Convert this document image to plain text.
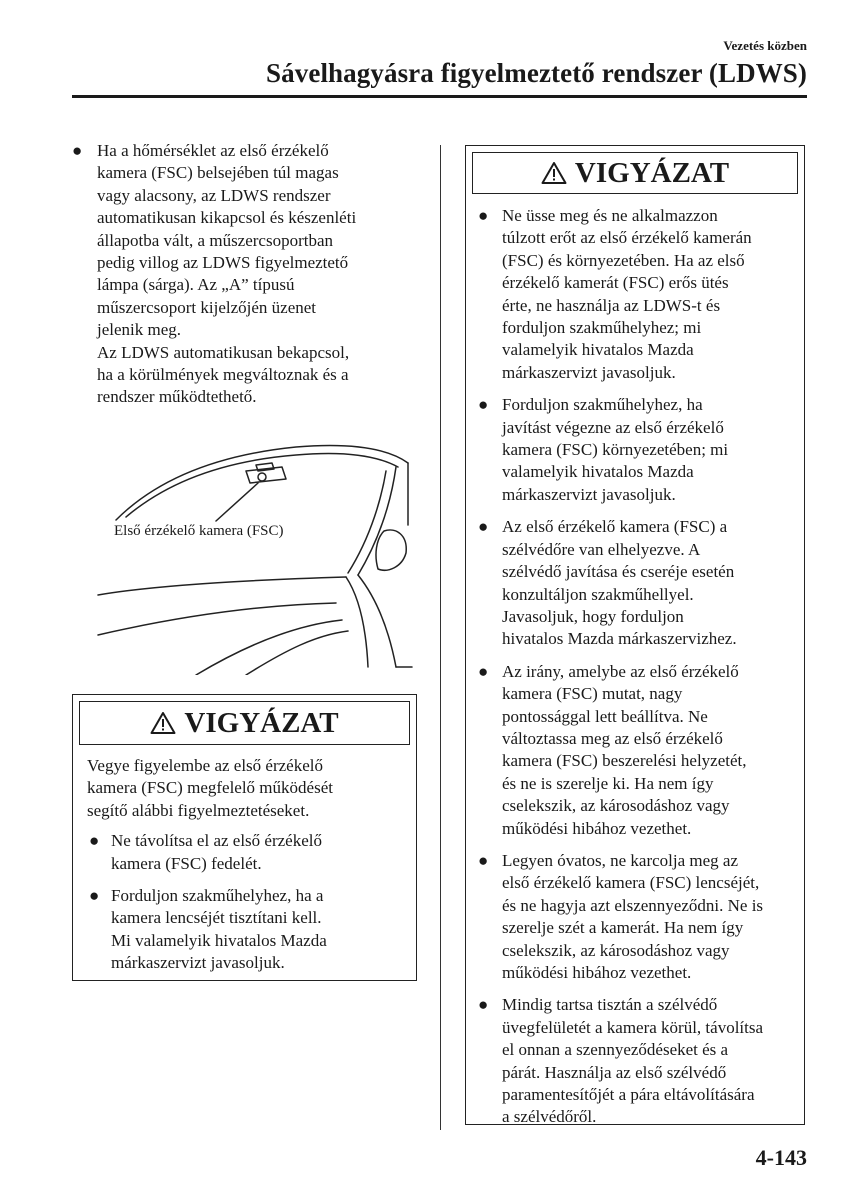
Vezetés közben
Sávelhagyásra figyelmeztető rendszer (LDWS)
● Ha a hőmérséklet az első érzékelő
kamera (FSC) belsejében túl magas
vagy alacsony, az LDWS rendszer
automatikusan kikapcsol és készenléti
állapotba vált, a műszercsoportban
pedig villog az LDWS figyelmeztető
lámpa (sárga). Az „A” típusú
műszercsoport kijelzőjén üzenet
jelenik meg.
Az LDWS automatikusan bekapcsol,
ha a körülmények megváltoznak és a
rendszer működtethető.
Első érzékelő kamera (FSC)
VIGYÁZAT
Vegye figyelembe az első érzékelő
kamera (FSC) megfelelő működését
segítő alábbi figyelmeztetéseket.
● Ne távolítsa el az első érzékelő
kamera (FSC) fedelét.
● Forduljon szakműhelyhez, ha a
kamera lencséjét tisztítani kell.
Mi valamelyik hivatalos Mazda
márkaszervizt javasoljuk.
VIGYÁZAT
● Ne üsse meg és ne alkalmazzon
túlzott erőt az első érzékelő kamerán
(FSC) és környezetében. Ha az első
érzékelő kamerát (FSC) erős ütés
érte, ne használja az LDWS-t és
forduljon szakműhelyhez; mi
valamelyik hivatalos Mazda
márkaszervizt javasoljuk.
● Forduljon szakműhelyhez, ha
javítást végezne az első érzékelő
kamera (FSC) környezetében; mi
valamelyik hivatalos Mazda
márkaszervizt javasoljuk.
● Az első érzékelő kamera (FSC) a
szélvédőre van elhelyezve. A
szélvédő javítása és cseréje esetén
konzultáljon szakműhellyel.
Javasoljuk, hogy forduljon
hivatalos Mazda márkaszervizhez.
● Az irány, amelybe az első érzékelő
kamera (FSC) mutat, nagy
pontossággal lett beállítva. Ne
változtassa meg az első érzékelő
kamera (FSC) beszerelési helyzetét,
és ne is szerelje ki. Ha nem így
cselekszik, az károsodáshoz vagy
működési hibához vezethet.
● Legyen óvatos, ne karcolja meg az
első érzékelő kamera (FSC) lencséjét,
és ne hagyja azt elszennyeződni. Ne is
szerelje szét a kamerát. Ha nem így
cselekszik, az károsodáshoz vagy
működési hibához vezethet.
● Mindig tartsa tisztán a szélvédő
üvegfelületét a kamera körül, távolítsa
el onnan a szennyeződéseket és a
párát. Használja az első szélvédő
paramentesítőjét a pára eltávolítására
a szélvédőről.
4-143
